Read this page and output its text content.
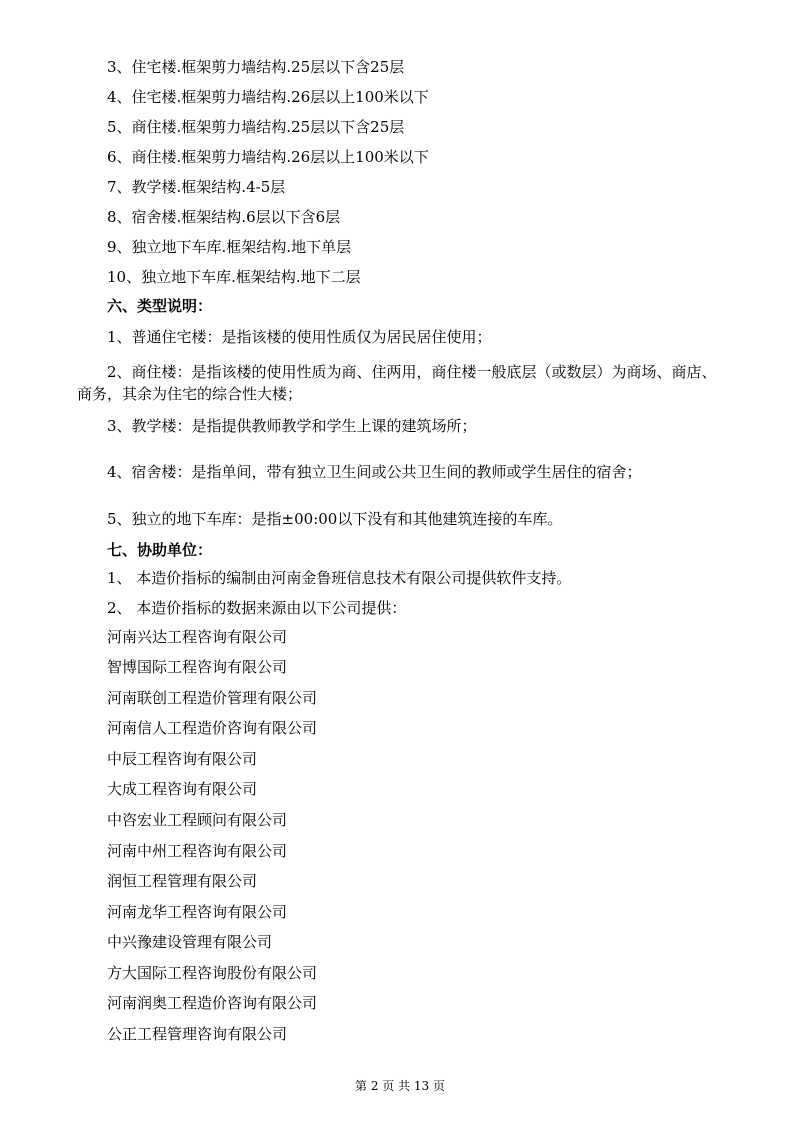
3、住宅楼.框架剪力墙结构.25层以下含25层
4、住宅楼.框架剪力墙结构.26层以上100米以下
5、商住楼.框架剪力墙结构.25层以下含25层
6、商住楼.框架剪力墙结构.26层以上100米以下
7、教学楼.框架结构.4-5层
8、宿舍楼.框架结构.6层以下含6层
9、独立地下车库.框架结构.地下单层
10、独立地下车库.框架结构.地下二层
六、类型说明：
1、普通住宅楼：是指该楼的使用性质仅为居民居住使用；
2、商住楼：是指该楼的使用性质为商、住两用，商住楼一般底层（或数层）为商场、商店、
商务，其余为住宅的综合性大楼；
3、教学楼：是指提供教师教学和学生上课的建筑场所；
4、宿舍楼：是指单间，带有独立卫生间或公共卫生间的教师或学生居住的宿舍；
5、独立的地下车库：是指±00:00以下没有和其他建筑连接的车库。
七、协助单位：
1、 本造价指标的编制由河南金鲁班信息技术有限公司提供软件支持。
2、 本造价指标的数据来源由以下公司提供：
河南兴达工程咨询有限公司
智博国际工程咨询有限公司
河南联创工程造价管理有限公司
河南信人工程造价咨询有限公司
中辰工程咨询有限公司
大成工程咨询有限公司
中咨宏业工程顾问有限公司
河南中州工程咨询有限公司
润恒工程管理有限公司
河南龙华工程咨询有限公司
中兴豫建设管理有限公司
方大国际工程咨询股份有限公司
河南润奥工程造价咨询有限公司
公正工程管理咨询有限公司
第 2 页 共 13 页
